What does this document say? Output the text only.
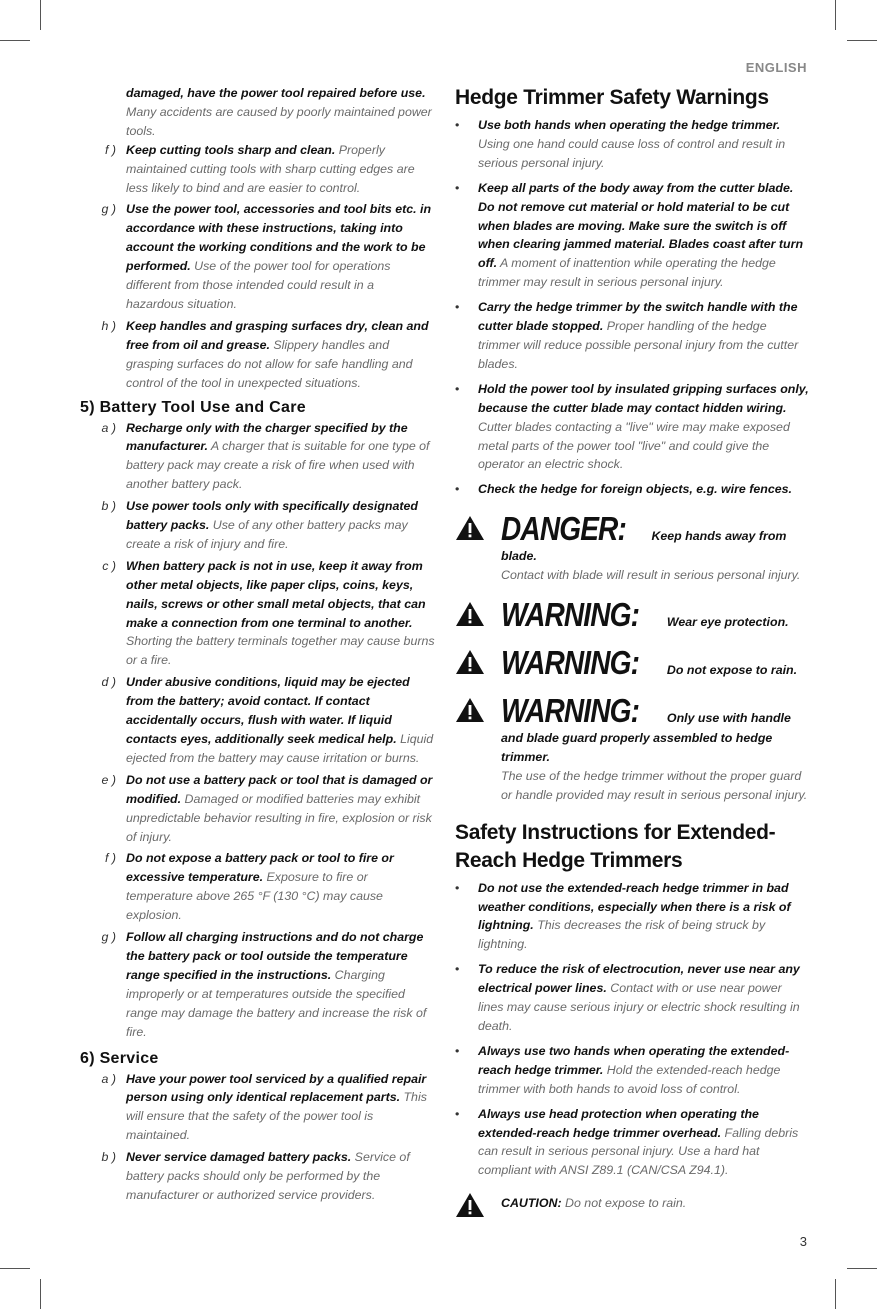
ENGLISH
3
damaged, have the power tool repaired before use. Many accidents are caused by poorly maintained power tools.
f ) Keep cutting tools sharp and clean. Properly maintained cutting tools with sharp cutting edges are less likely to bind and are easier to control.
g ) Use the power tool, accessories and tool bits etc. in accordance with these instructions, taking into account the working conditions and the work to be performed. Use of the power tool for operations different from those intended could result in a hazardous situation.
h ) Keep handles and grasping surfaces dry, clean and free from oil and grease. Slippery handles and grasping surfaces do not allow for safe handling and control of the tool in unexpected situations.
5) Battery Tool Use and Care
a ) Recharge only with the charger specified by the manufacturer. A charger that is suitable for one type of battery pack may create a risk of fire when used with another battery pack.
b ) Use power tools only with specifically designated battery packs. Use of any other battery packs may create a risk of injury and fire.
c ) When battery pack is not in use, keep it away from other metal objects, like paper clips, coins, keys, nails, screws or other small metal objects, that can make a connection from one terminal to another. Shorting the battery terminals together may cause burns or a fire.
d ) Under abusive conditions, liquid may be ejected from the battery; avoid contact. If contact accidentally occurs, flush with water. If liquid contacts eyes, additionally seek medical help. Liquid ejected from the battery may cause irritation or burns.
e ) Do not use a battery pack or tool that is damaged or modified. Damaged or modified batteries may exhibit unpredictable behavior resulting in fire, explosion or risk of injury.
f ) Do not expose a battery pack or tool to fire or excessive temperature. Exposure to fire or temperature above 265 °F (130 °C) may cause explosion.
g ) Follow all charging instructions and do not charge the battery pack or tool outside the temperature range specified in the instructions. Charging improperly or at temperatures outside the specified range may damage the battery and increase the risk of fire.
6) Service
a ) Have your power tool serviced by a qualified repair person using only identical replacement parts. This will ensure that the safety of the power tool is maintained.
b ) Never service damaged battery packs. Service of battery packs should only be performed by the manufacturer or authorized service providers.
Hedge Trimmer Safety Warnings
•	Use both hands when operating the hedge trimmer. Using one hand could cause loss of control and result in serious personal injury.
•	Keep all parts of the body away from the cutter blade. Do not remove cut material or hold material to be cut when blades are moving. Make sure the switch is off when clearing jammed material. Blades coast after turn off. A moment of inattention while operating the hedge trimmer may result in serious personal injury.
•	Carry the hedge trimmer by the switch handle with the cutter blade stopped. Proper handling of the hedge trimmer will reduce possible personal injury from the cutter blades.
•	Hold the power tool by insulated gripping surfaces only, because the cutter blade may contact hidden wiring. Cutter blades contacting a "live" wire may make exposed metal parts of the power tool "live" and could give the operator an electric shock.
•	Check the hedge for foreign objects, e.g. wire fences.
DANGER: Keep hands away from blade.
Contact with blade will result in serious personal injury.
WARNING: Wear eye protection.
WARNING: Do not expose to rain.
WARNING: Only use with handle and blade guard properly assembled to hedge trimmer.
The use of the hedge trimmer without the proper guard or handle provided may result in serious personal injury.
Safety Instructions for Extended-Reach Hedge Trimmers
•	Do not use the extended-reach hedge trimmer in bad weather conditions, especially when there is a risk of lightning. This decreases the risk of being struck by lightning.
•	To reduce the risk of electrocution, never use near any electrical power lines. Contact with or use near power lines may cause serious injury or electric shock resulting in death.
•	Always use two hands when operating the extended-reach hedge trimmer. Hold the extended-reach hedge trimmer with both hands to avoid loss of control.
•	Always use head protection when operating the extended-reach hedge trimmer overhead. Falling debris can result in serious personal injury. Use a hard hat compliant with ANSI Z89.1 (CAN/CSA Z94.1).
CAUTION: Do not expose to rain.
